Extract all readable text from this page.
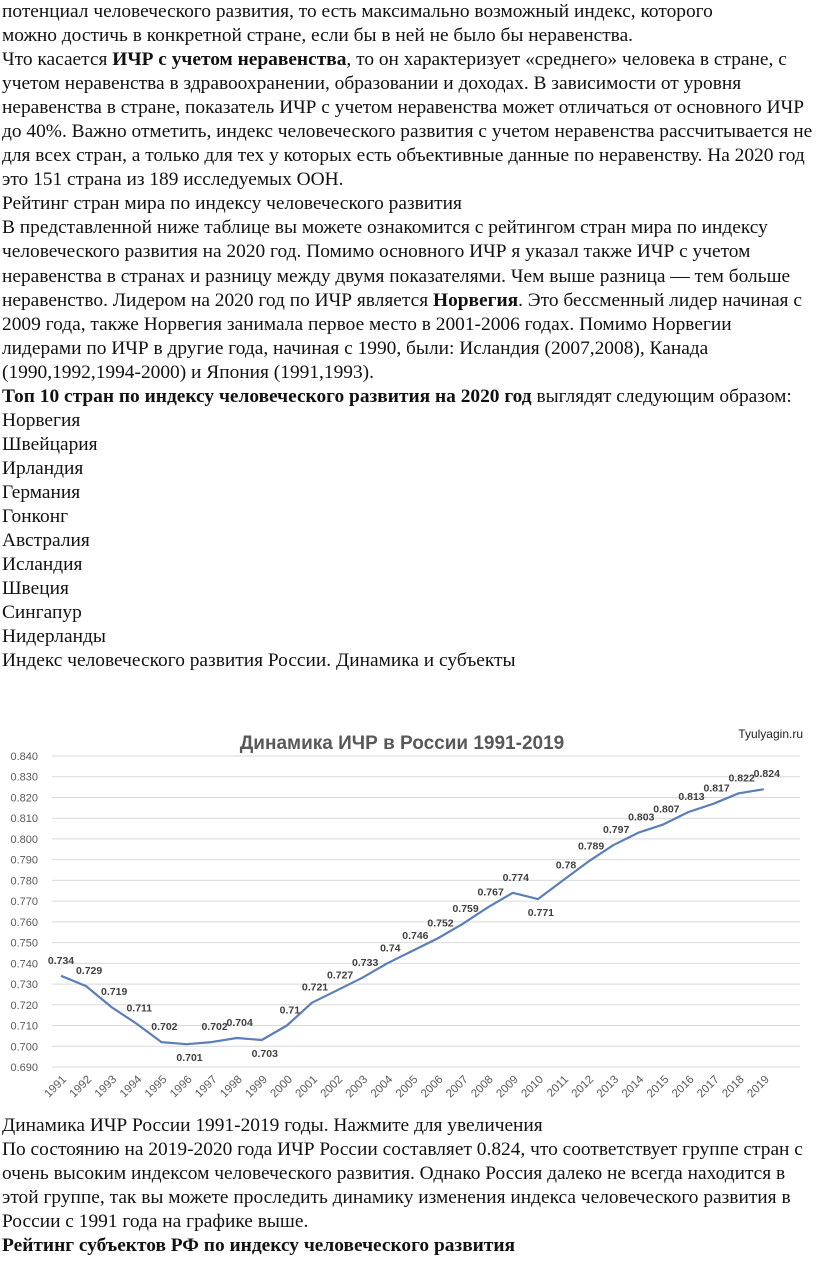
потенциал человеческого развития, то есть максимально возможный индекс, которого

можно достичь в конкретной стране, если бы в ней не было бы неравенства.

Что касается ИЧР с учетом неравенства, то он характеризует «среднего» человека в стране, с учетом неравенства в здравоохранении, образовании и доходах. В зависимости от уровня неравенства в стране, показатель ИЧР с учетом неравенства может отличаться от основного ИЧР до 40%. Важно отметить, индекс человеческого развития с учетом неравенства рассчитывается не для всех стран, а только для тех у которых есть объективные данные по неравенству. На 2020 год это 151 страна из 189 исследуемых ООН.

Рейтинг стран мира по индексу человеческого развития

В представленной ниже таблице вы можете ознакомится с рейтингом стран мира по индексу человеческого развития на 2020 год. Помимо основного ИЧР я указал также ИЧР с учетом неравенства в странах и разницу между двумя показателями. Чем выше разница — тем больше неравенство. Лидером на 2020 год по ИЧР является Норвегия. Это бессменный лидер начиная с 2009 года, также Норвегия занимала первое место в 2001-2006 годах. Помимо Норвегии лидерами по ИЧР в другие года, начиная с 1990, были: Исландия (2007,2008), Канада (1990,1992,1994-2000) и Япония (1991,1993).

Топ 10 стран по индексу человеческого развития на 2020 год выглядят следующим образом:

Норвегия

Швейцария

Ирландия

Германия

Гонконг

Австралия

Исландия

Швеция

Сингапур

Нидерланды

Индекс человеческого развития России. Динамика и субъекты

Динамика ИЧР в России 1991-2019	Tyulyagin.ru
0.690
0.700
0.710
0.720
0.730
0.740
0.750
0.760
0.770
0.780
0.790
0.800
0.810
0.820
0.830
0.840
1991
1992
1993
1994
1995
1996
1997
1998
1999
2000
2001
2002
2003
2004
2005
2006
2007
2008
2009
2010 2011
2012
2013
2014
2015
2016
2017
2018
2019
0.734
0.729
0.719
0.711
0.702
0.701
0.702
0.704
0.703
0.71
0.721
0.727
0.733
0.74
0.746
0.752
0.759
0.767
0.774
0.771
0.78
0.789
0.797
0.803
0.807
0.813
0.817
0.822
0.824

Динамика ИЧР России 1991-2019 годы. Нажмите для увеличения

По состоянию на 2019-2020 года ИЧР России составляет 0.824, что соответствует группе стран с очень высоким индексом человеческого развития. Однако Россия далеко не всегда находится в этой группе, так вы можете проследить динамику изменения индекса человеческого развития в России с 1991 года на графике выше.

Рейтинг субъектов РФ по индексу человеческого развития
